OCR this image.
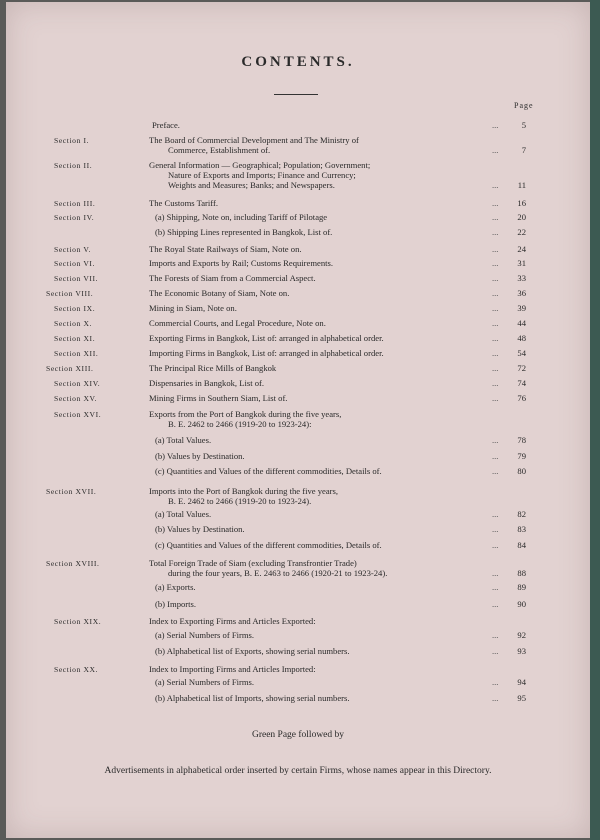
CONTENTS.
Page
Preface.	...	5
Section I.	The Board of Commercial Development and The Ministry of
Commerce, Establishment of.	...	7
Section II.	General Information — Geographical; Population; Government;
Nature of Exports and Imports; Finance and Currency;
Weights and Measures; Banks; and Newspapers.	...	11
Section III.	The Customs Tariff.	...	16
Section IV.	(a) Shipping, Note on, including Tariff of Pilotage	...	20
(b) Shipping Lines represented in Bangkok, List of.	...	22
Section V.	The Royal State Railways of Siam, Note on.	...	24
Section VI.	Imports and Exports by Rail; Customs Requirements.	...	31
Section VII.	The Forests of Siam from a Commercial Aspect.	...	33
Section VIII.	The Economic Botany of Siam, Note on.	...	36
Section IX.	Mining in Siam, Note on.	...	39
Section X.	Commercial Courts, and Legal Procedure, Note on.	...	44
Section XI.	Exporting Firms in Bangkok, List of: arranged in alphabetical order.	...	48
Section XII.	Importing Firms in Bangkok, List of: arranged in alphabetical order.	...	54
Section XIII.	The Principal Rice Mills of Bangkok	...	72
Section XIV.	Dispensaries in Bangkok, List of.	...	74
Section XV.	Mining Firms in Southern Siam, List of.	...	76
Section XVI.	Exports from the Port of Bangkok during the five years,
B. E. 2462 to 2466 (1919-20 to 1923-24):
(a) Total Values.	...	78
(b) Values by Destination.	...	79
(c) Quantities and Values of the different commodities, Details of.	...	80
Section XVII.	Imports into the Port of Bangkok during the five years,
B. E. 2462 to 2466 (1919-20 to 1923-24).
(a) Total Values.	...	82
(b) Values by Destination.	...	83
(c) Quantities and Values of the different commodities, Details of.	...	84
Section XVIII.	Total Foreign Trade of Siam (excluding Transfrontier Trade)
during the four years, B. E. 2463 to 2466 (1920-21 to 1923-24).	...	88
(a) Exports.	...	89
(b) Imports.	...	90
Section XIX.	Index to Exporting Firms and Articles Exported:
(a) Serial Numbers of Firms.	...	92
(b) Alphabetical list of Exports, showing serial numbers.	...	93
Section XX.	Index to Importing Firms and Articles Imported:
(a) Serial Numbers of Firms.	...	94
(b) Alphabetical list of Imports, showing serial numbers.	...	95
Green Page followed by
Advertisements in alphabetical order inserted by certain Firms, whose names appear in this Directory.
